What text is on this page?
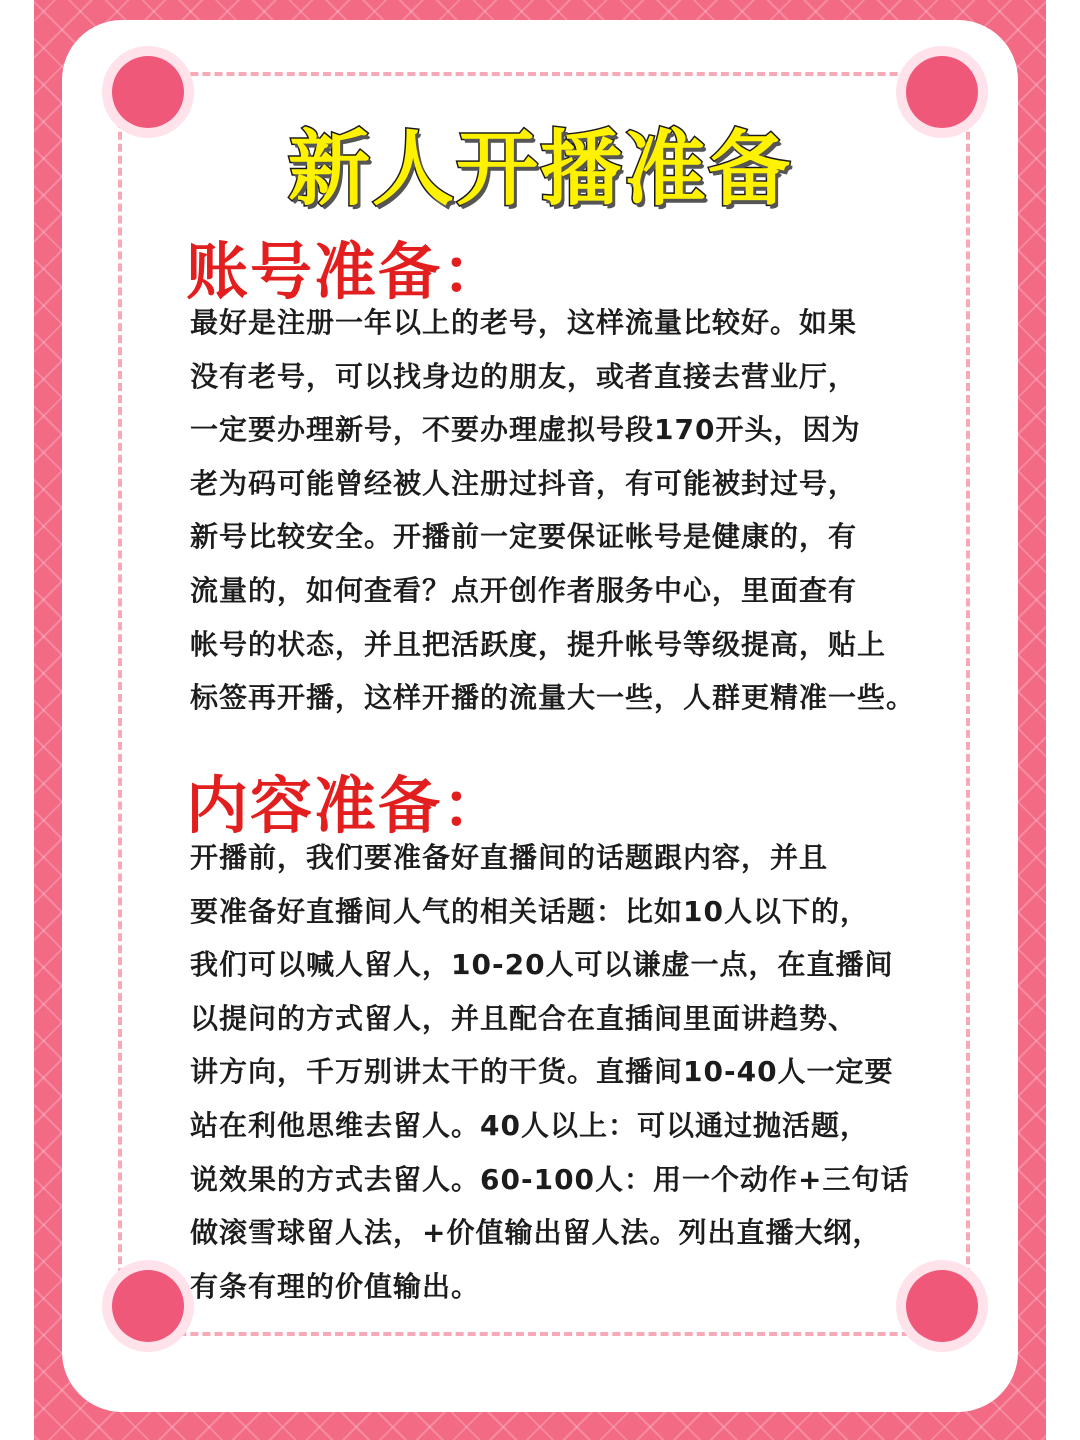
新人开播准备
账号准备：
最好是注册一年以上的老号，这样流量比较好。如果
没有老号，可以找身边的朋友，或者直接去营业厅，
一定要办理新号，不要办理虚拟号段170开头，因为
老为码可能曾经被人注册过抖音，有可能被封过号，
新号比较安全。开播前一定要保证帐号是健康的，有
流量的，如何查看？点开创作者服务中心，里面查有
帐号的状态，并且把活跃度，提升帐号等级提高，贴上
标签再开播，这样开播的流量大一些，人群更精准一些。
内容准备：
开播前，我们要准备好直播间的话题跟内容，并且
要准备好直播间人气的相关话题：比如10人以下的，
我们可以喊人留人，10-20人可以谦虚一点，在直播间
以提问的方式留人，并且配合在直插间里面讲趋势、
讲方向，千万别讲太干的干货。直播间10-40人一定要
站在利他思维去留人。40人以上：可以通过抛活题，
说效果的方式去留人。60-100人：用一个动作+三句话
做滚雪球留人法，+价值输出留人法。列出直播大纲，
有条有理的价值输出。
